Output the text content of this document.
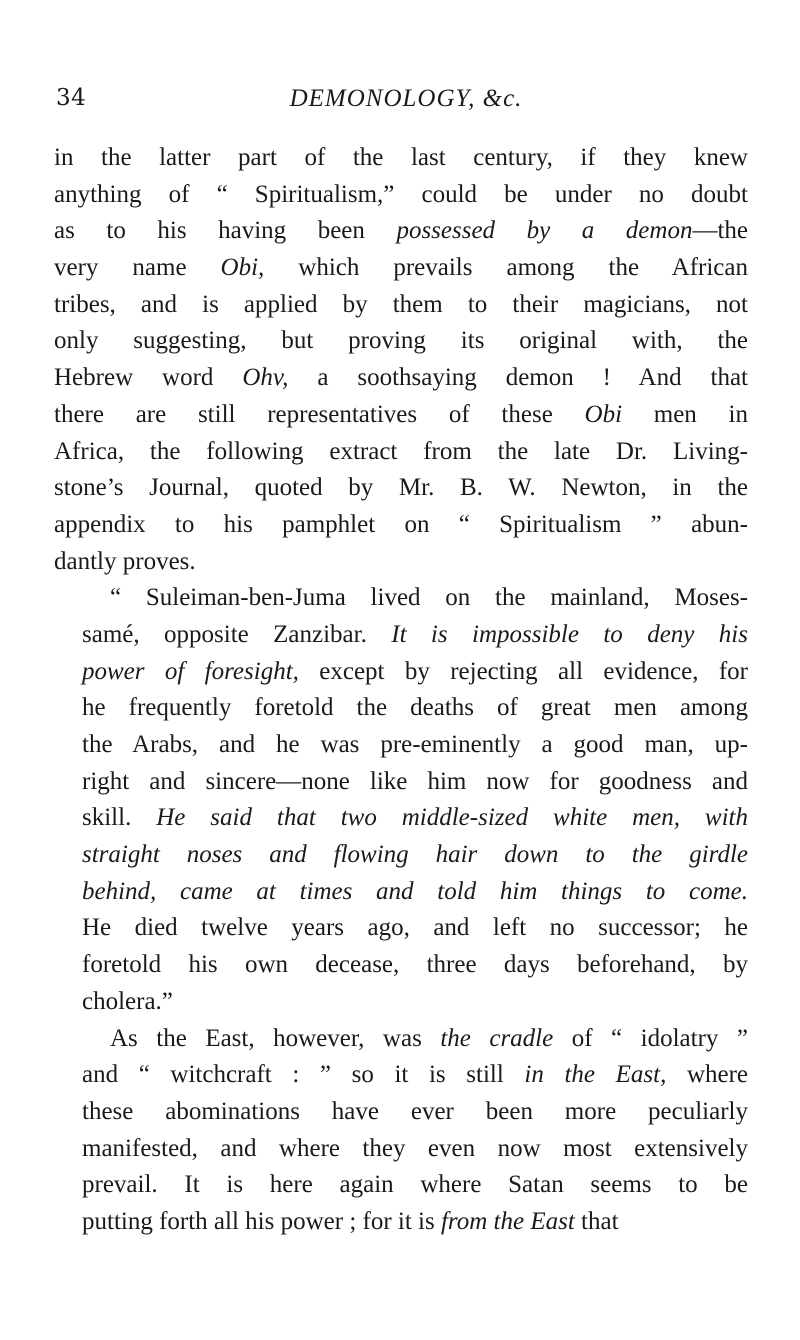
34	DEMONOLOGY, &c.
in the latter part of the last century, if they knew
anything of “ Spiritualism,” could be under no doubt
as to his having been possessed by a demon—the
very name Obi, which prevails among the African
tribes, and is applied by them to their magicians, not
only suggesting, but proving its original with, the
Hebrew word Ohv, a soothsaying demon ! And that
there are still representatives of these Obi men in
Africa, the following extract from the late Dr. Living-
stone’s Journal, quoted by Mr. B. W. Newton, in the
appendix to his pamphlet on “ Spiritualism ” abun-
dantly proves.
“ Suleiman-ben-Juma lived on the mainland, Moses-
samé, opposite Zanzibar. It is impossible to deny his
power of foresight, except by rejecting all evidence, for
he frequently foretold the deaths of great men among
the Arabs, and he was pre-eminently a good man, up-
right and sincere—none like him now for goodness and
skill. He said that two middle-sized white men, with
straight noses and flowing hair down to the girdle
behind, came at times and told him things to come.
He died twelve years ago, and left no successor; he
foretold his own decease, three days beforehand, by
cholera.”
As the East, however, was the cradle of “ idolatry ”
and “ witchcraft : ” so it is still in the East, where
these abominations have ever been more peculiarly
manifested, and where they even now most extensively
prevail. It is here again where Satan seems to be
putting forth all his power ; for it is from the East that
